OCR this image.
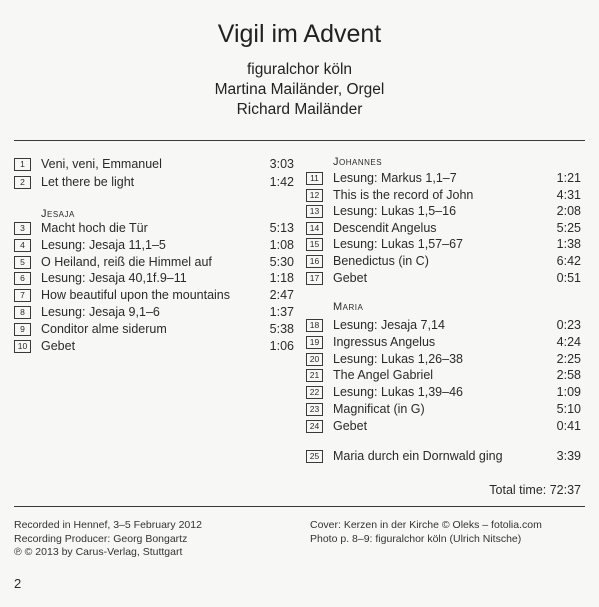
Vigil im Advent
figuralchor köln
Martina Mailänder, Orgel
Richard Mailänder
1	Veni, veni, Emmanuel	3:03
2	Let there be light	1:42
Jesaja
3	Macht hoch die Tür	5:13
4	Lesung: Jesaja 11,1–5	1:08
5	O Heiland, reiß die Himmel auf	5:30
6	Lesung: Jesaja 40,1f.9–11	1:18
7	How beautiful upon the mountains	2:47
8	Lesung: Jesaja 9,1–6	1:37
9	Conditor alme siderum	5:38
10	Gebet	1:06
Johannes
11	Lesung: Markus 1,1–7	1:21
12	This is the record of John	4:31
13	Lesung: Lukas 1,5–16	2:08
14	Descendit Angelus	5:25
15	Lesung: Lukas 1,57–67	1:38
16	Benedictus (in C)	6:42
17	Gebet	0:51
Maria
18	Lesung: Jesaja 7,14	0:23
19	Ingressus Angelus	4:24
20	Lesung: Lukas 1,26–38	2:25
21	The Angel Gabriel	2:58
22	Lesung: Lukas 1,39–46	1:09
23	Magnificat (in G)	5:10
24	Gebet	0:41
25	Maria durch ein Dornwald ging	3:39
Total time: 72:37
Recorded in Hennef, 3–5 February 2012
Recording Producer: Georg Bongartz
℗ © 2013 by Carus-Verlag, Stuttgart
Cover: Kerzen in der Kirche © Oleks – fotolia.com
Photo p. 8–9: figuralchor köln (Ulrich Nitsche)
2
